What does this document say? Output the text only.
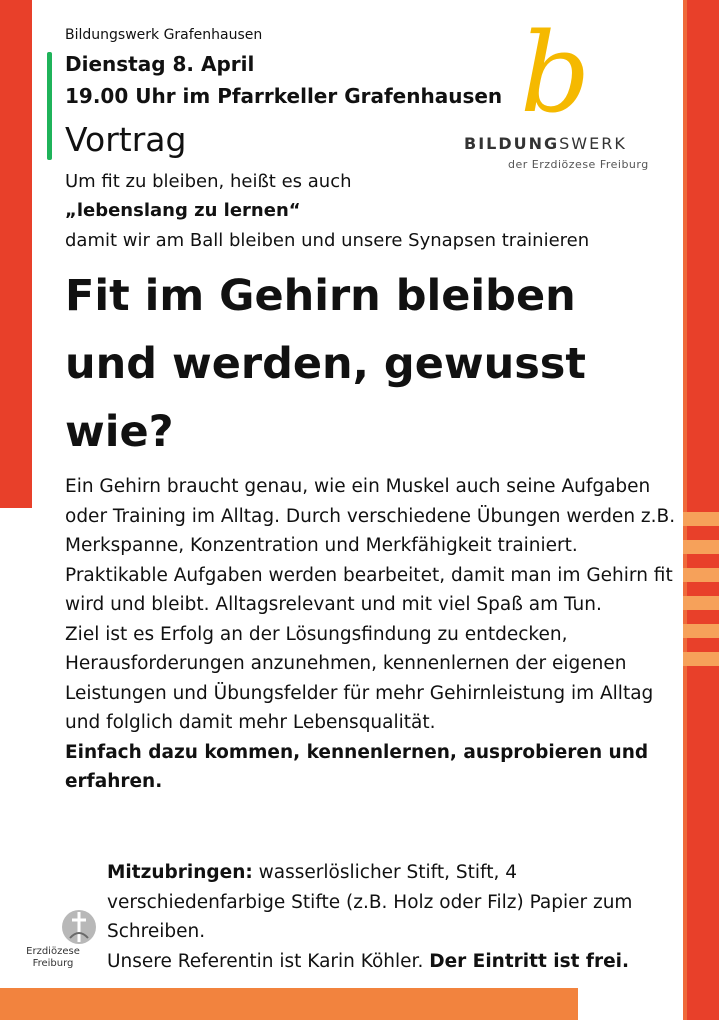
Bildungswerk Grafenhausen
Dienstag 8. April
19.00 Uhr im Pfarrkeller Grafenhausen
Vortrag
Um fit zu bleiben, heißt es auch
„lebenslang zu lernen“
damit wir am Ball bleiben und unsere Synapsen trainieren
Fit im Gehirn bleiben und werden, gewusst wie?

Ein Gehirn braucht genau, wie ein Muskel auch seine Aufgaben oder Training im Alltag. Durch verschiedene Übungen werden z.B. Merkspanne, Konzentration und Merkfähigkeit trainiert.

Praktikable Aufgaben werden bearbeitet, damit man im Gehirn fit wird und bleibt. Alltagsrelevant und mit viel Spaß am Tun.

Ziel ist es Erfolg an der Lösungsfindung zu entdecken, Herausforderungen anzunehmen, kennenlernen der eigenen Leistungen und Übungsfelder für mehr Gehirnleistung im Alltag und folglich damit mehr Lebensqualität.

Einfach dazu kommen, kennenlernen, ausprobieren und erfahren.

Mitzubringen: wasserlöslicher Stift, Stift, 4 verschiedenfarbige Stifte (z.B. Holz oder Filz) Papier zum Schreiben.
Unsere Referentin ist Karin Köhler. Der Eintritt ist frei.
b
BILDUNGSWERK
der Erzdiözese Freiburg
Erzdiözese
Freiburg
